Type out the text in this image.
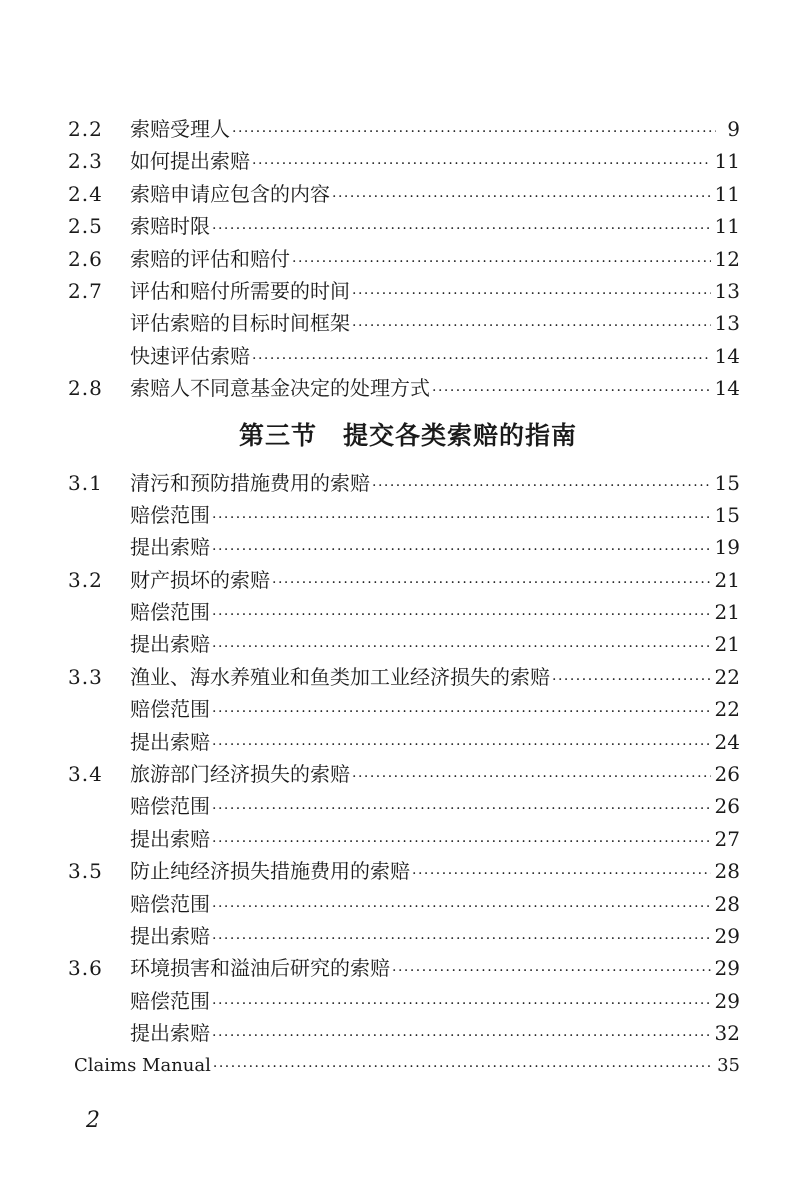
2.2	索赔受理人 ·····	9
2.3	如何提出索赔 ·····	11
2.4	索赔申请应包含的内容 ·····	11
2.5	索赔时限 ·····	11
2.6	索赔的评估和赔付 ·····	12
2.7	评估和赔付所需要的时间 ·····	13
评估索赔的目标时间框架 ·····	13
快速评估索赔 ·····	14
2.8	索赔人不同意基金决定的处理方式 ·····	14
第三节　提交各类索赔的指南
3.1	清污和预防措施费用的索赔 ·····	15
赔偿范围 ·····	15
提出索赔 ·····	19
3.2	财产损坏的索赔 ·····	21
赔偿范围 ·····	21
提出索赔 ·····	21
3.3	渔业、海水养殖业和鱼类加工业经济损失的索赔 ·····	22
赔偿范围 ·····	22
提出索赔 ·····	24
3.4	旅游部门经济损失的索赔 ·····	26
赔偿范围 ·····	26
提出索赔 ·····	27
3.5	防止纯经济损失措施费用的索赔 ·····	28
赔偿范围 ·····	28
提出索赔 ·····	29
3.6	环境损害和溢油后研究的索赔 ·····	29
赔偿范围 ·····	29
提出索赔 ·····	32
Claims Manual ·····	35
2
